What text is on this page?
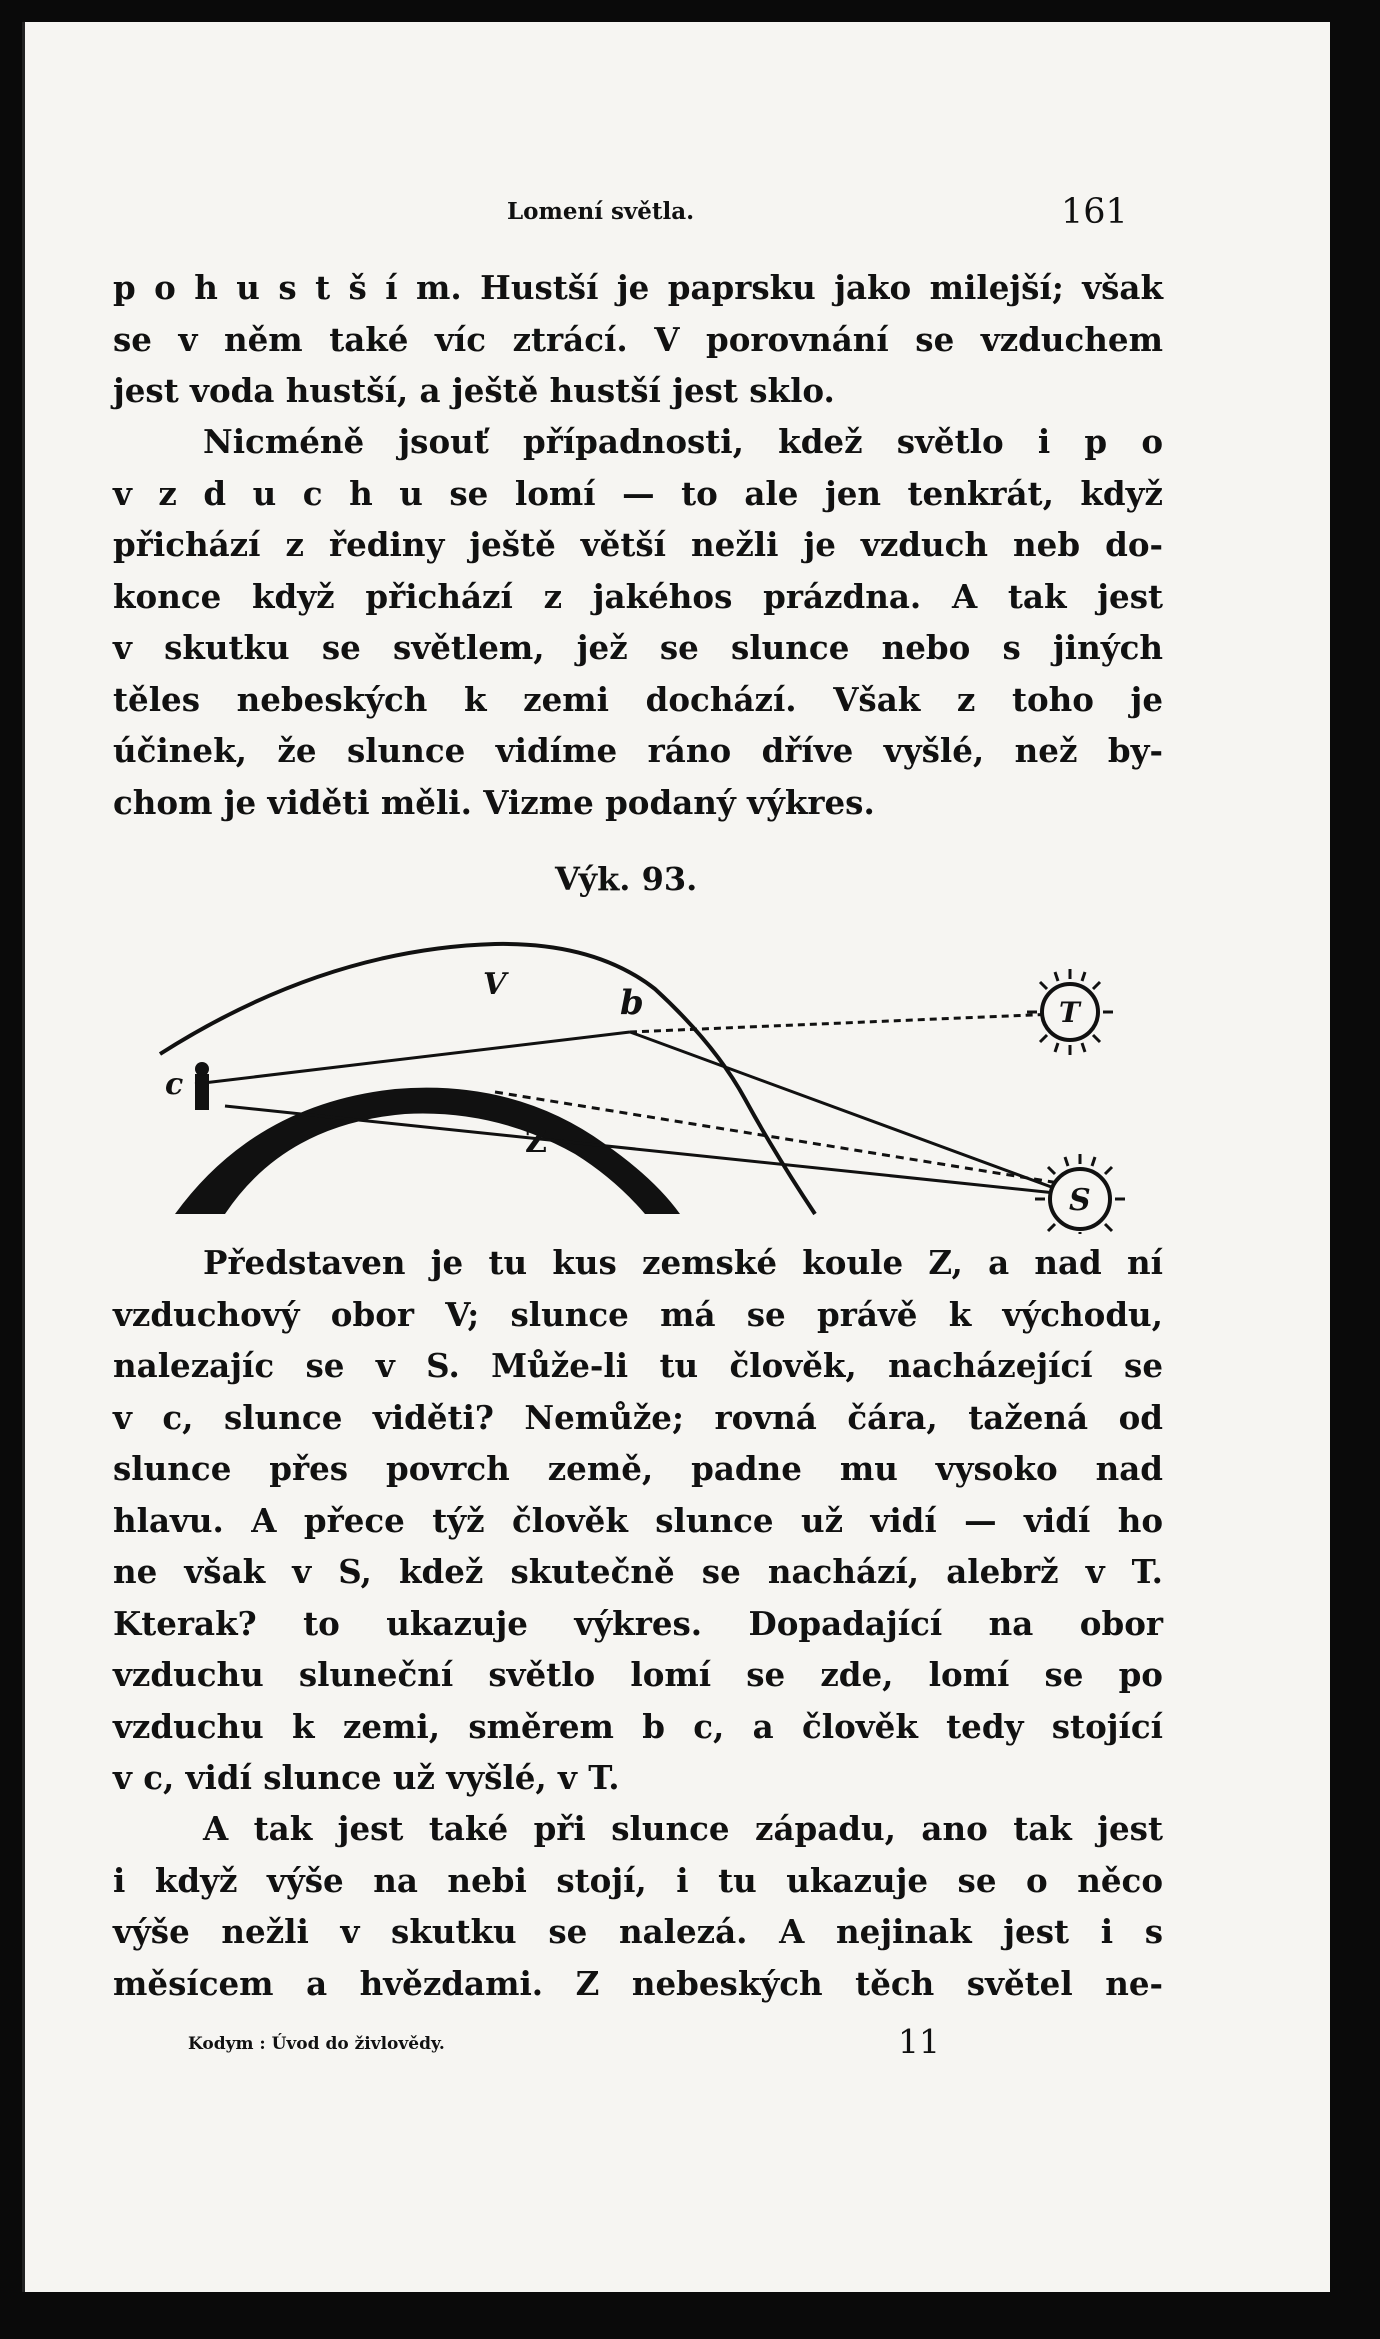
Lomení světla.	161
p o h u s t š í m. Hustší je paprsku jako milejší; však
se v něm také víc ztrácí. V porovnání se vzduchem
jest voda hustší, a ještě hustší jest sklo.
Nicméně jsouť případnosti, kdež světlo i p o
v z d u c h u se lomí — to ale jen tenkrát, když
přichází z řediny ještě větší nežli je vzduch neb do-
konce když přichází z jakéhos prázdna. A tak jest
v skutku se světlem, jež se slunce nebo s jiných
těles nebeských k zemi dochází. Však z toho je
účinek, že slunce vidíme ráno dříve vyšlé, než by-
chom je viděti měli. Vizme podaný výkres.
Výk. 93.
V	b
c
Z
T
S
Představen je tu kus zemské koule Z, a nad ní
vzduchový obor V; slunce má se právě k východu,
nalezajíc se v S. Může-li tu člověk, nacházející se
v c, slunce viděti? Nemůže; rovná čára, tažená od
slunce přes povrch země, padne mu vysoko nad
hlavu. A přece týž člověk slunce už vidí — vidí ho
ne však v S, kdež skutečně se nachází, alebrž v T.
Kterak? to ukazuje výkres. Dopadající na obor
vzduchu sluneční světlo lomí se zde, lomí se po
vzduchu k zemi, směrem b c, a člověk tedy stojící
v c, vidí slunce už vyšlé, v T.
A tak jest také při slunce západu, ano tak jest
i když výše na nebi stojí, i tu ukazuje se o něco
výše nežli v skutku se nalezá. A nejinak jest i s
měsícem a hvězdami. Z nebeských těch světel ne-
Kodym : Úvod do živlovědy.	11
